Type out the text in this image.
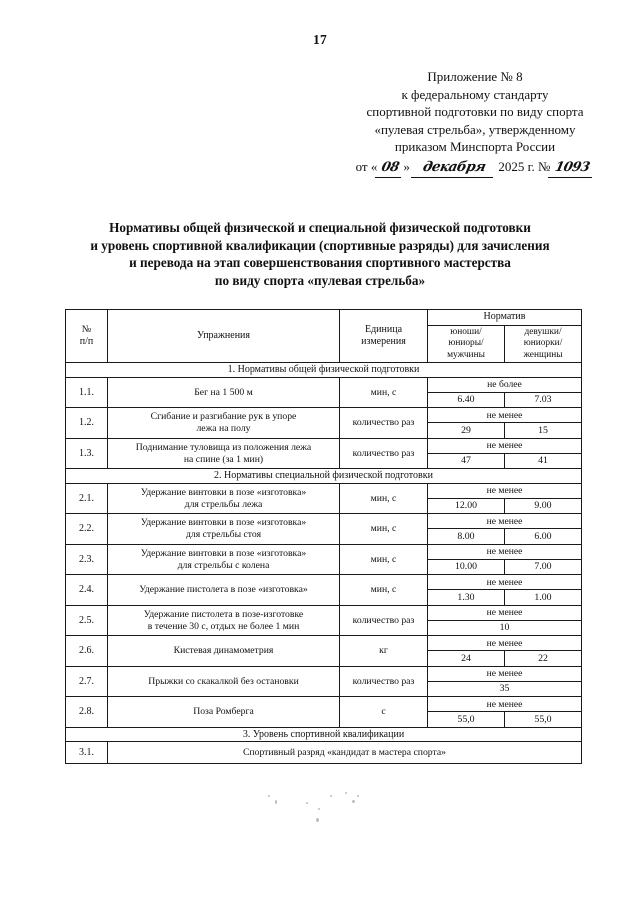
17
Приложение № 8
к федеральному стандарту
спортивной подготовки по виду спорта
«пулевая стрельба», утвержденному
приказом Минспорта России
от « 08 » декабря 2025 г. № 1093
Нормативы общей физической и специальной физической подготовки
и уровень спортивной квалификации (спортивные разряды) для зачисления
и перевода на этап совершенствования спортивного мастерства
по виду спорта «пулевая стрельба»
№
п/п	Упражнения	Единица
измерения	Норматив	
			юноши/
юниоры/
мужчины	девушки/
юниорки/
женщины
1. Нормативы общей физической подготовки				
1.1.	Бег на 1 500 м	мин, с	не более
6.40 7.03	

1.2.	Сгибание и разгибание рук в упоре
лежа на полу	количество раз	
не менее
29	15

1.3.	Поднимание туловища из положения лежа
на спине (за 1 мин)	количество раз	
не менее
47	41

2. Нормативы специальной физической подготовки				
2.1.	Удержание винтовки в позе «изготовка»
для стрельбы лежа	мин, с	
не менее
12.00	9.00

2.2.	Удержание винтовки в позе «изготовка»
для стрельбы стоя	мин, с	
не менее
8.00	6.00

2.3.	Удержание винтовки в позе «изготовка»
для стрельбы с колена	мин, с	
не менее
10.00	7.00

2.4.	Удержание пистолета в позе «изготовка»	мин, с	не менее
1.30 1.00	

2.5.	Удержание пистолета в позе-изготовке
в течение 30 с, отдых не более 1 мин	количество раз	
не менее
10

2.6.	Кистевая динамометрия	кг	не менее
24 22	

2.7.	Прыжки со скакалкой без остановки	количество раз	не менее
35	

2.8.	Поза Ромберга	с	не менее
55,0 55,0	

3. Уровень спортивной квалификации				
3.1.	Спортивный разряд «кандидат в мастера спорта»			
